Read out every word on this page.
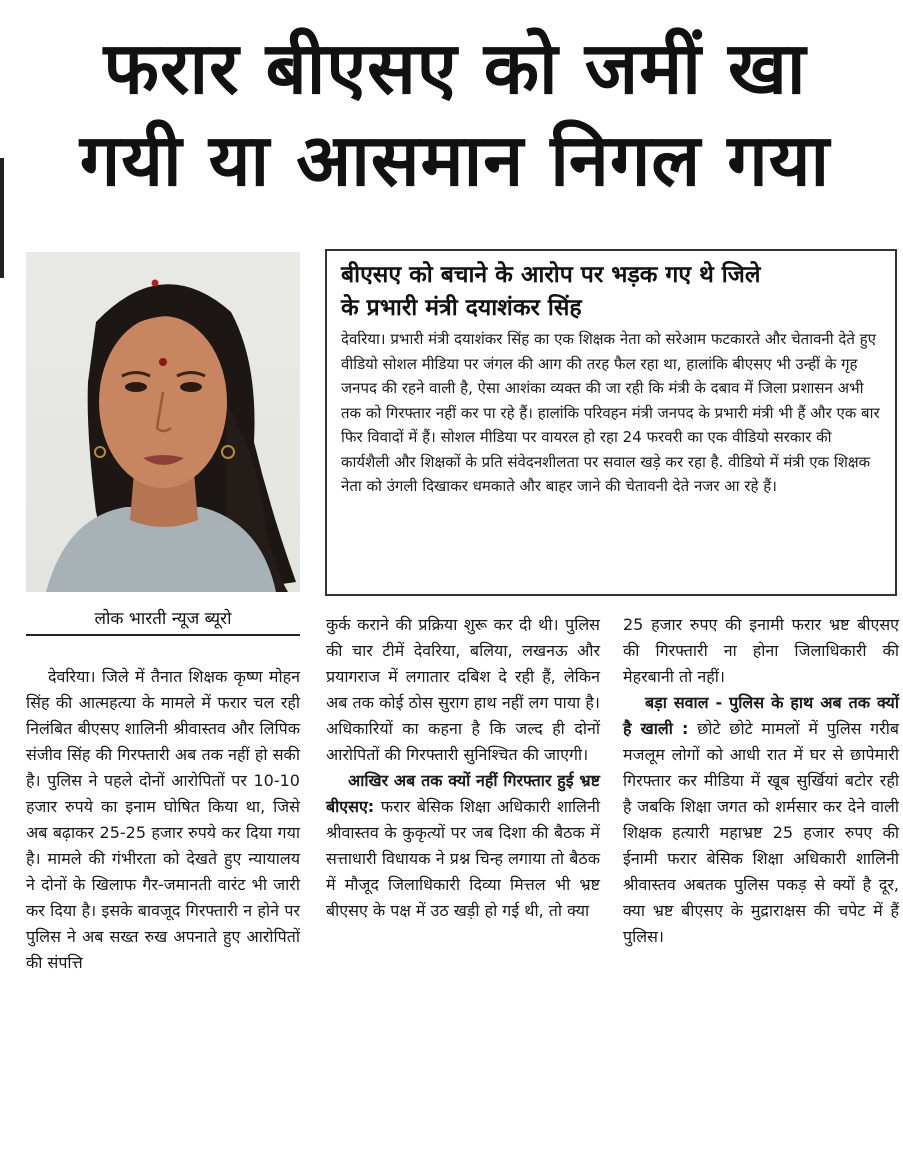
फरार बीएसए को जमीं खा
गयी या आसमान निगल गया
बीएसए को बचाने के आरोप पर भड़क गए थे जिले
के प्रभारी मंत्री दयाशंकर सिंह

देवरिया। प्रभारी मंत्री दयाशंकर सिंह का एक शिक्षक नेता को सरेआम फटकारते और चेतावनी देते हुए वीडियो सोशल मीडिया पर जंगल की आग की तरह फैल रहा था, हालांकि बीएसए भी उन्हीं के गृह जनपद की रहने वाली है, ऐसा आशंका व्यक्त की जा रही कि मंत्री के दबाव में जिला प्रशासन अभी तक को गिरफ्तार नहीं कर पा रहे हैं। हालांकि परिवहन मंत्री जनपद के प्रभारी मंत्री भी हैं और एक बार फिर विवादों में हैं। सोशल मीडिया पर वायरल हो रहा 24 फरवरी का एक वीडियो सरकार की कार्यशैली और शिक्षकों के प्रति संवेदनशीलता पर सवाल खड़े कर रहा है. वीडियो में मंत्री एक शिक्षक नेता को उंगली दिखाकर धमकाते और बाहर जाने की चेतावनी देते नजर आ रहे हैं।

लोक भारती न्यूज ब्यूरो

देवरिया। जिले में तैनात शिक्षक कृष्ण मोहन सिंह की आत्महत्या के मामले में फरार चल रही निलंबित बीएसए शालिनी श्रीवास्तव और लिपिक संजीव सिंह की गिरफ्तारी अब तक नहीं हो सकी है। पुलिस ने पहले दोनों आरोपितों पर 10-10 हजार रुपये का इनाम घोषित किया था, जिसे अब बढ़ाकर 25-25 हजार रुपये कर दिया गया है। मामले की गंभीरता को देखते हुए न्यायालय ने दोनों के खिलाफ गैर-जमानती वारंट भी जारी कर दिया है। इसके बावजूद गिरफ्तारी न होने पर पुलिस ने अब सख्त रुख अपनाते हुए आरोपितों की संपत्ति

कुर्क कराने की प्रक्रिया शुरू कर दी थी। पुलिस की चार टीमें देवरिया, बलिया, लखनऊ और प्रयागराज में लगातार दबिश दे रही हैं, लेकिन अब तक कोई ठोस सुराग हाथ नहीं लग पाया है।अधिकारियों का कहना है कि जल्द ही दोनों आरोपितों की गिरफ्तारी सुनिश्चित की जाएगी।

आखिर अब तक क्यों नहीं गिरफ्तार हुई भ्रष्ट बीएसए: फरार बेसिक शिक्षा अधिकारी शालिनी श्रीवास्तव के कुकृत्यों पर जब दिशा की बैठक में सत्ताधारी विधायक ने प्रश्न चिन्ह लगाया तो बैठक में मौजूद जिलाधिकारी दिव्या मित्तल भी भ्रष्ट बीएसए के पक्ष में उठ खड़ी हो गई थी, तो क्या

25 हजार रुपए की इनामी फरार भ्रष्ट बीएसए की गिरफ्तारी ना होना जिलाधिकारी की मेहरबानी तो नहीं।

बड़ा सवाल - पुलिस के हाथ अब तक क्यों है खाली : छोटे छोटे मामलों में पुलिस गरीब मजलूम लोगों को आधी रात में घर से छापेमारी गिरफ्तार कर मीडिया में खूब सुर्खियां बटोर रही है जबकि शिक्षा जगत को शर्मसार कर देने वाली शिक्षक हत्यारी महाभ्रष्ट 25 हजार रुपए की ईनामी फरार बेसिक शिक्षा अधिकारी शालिनी श्रीवास्तव अबतक पुलिस पकड़ से क्यों है दूर, क्या भ्रष्ट बीएसए के मुद्राराक्षस की चपेट में हैं पुलिस।
